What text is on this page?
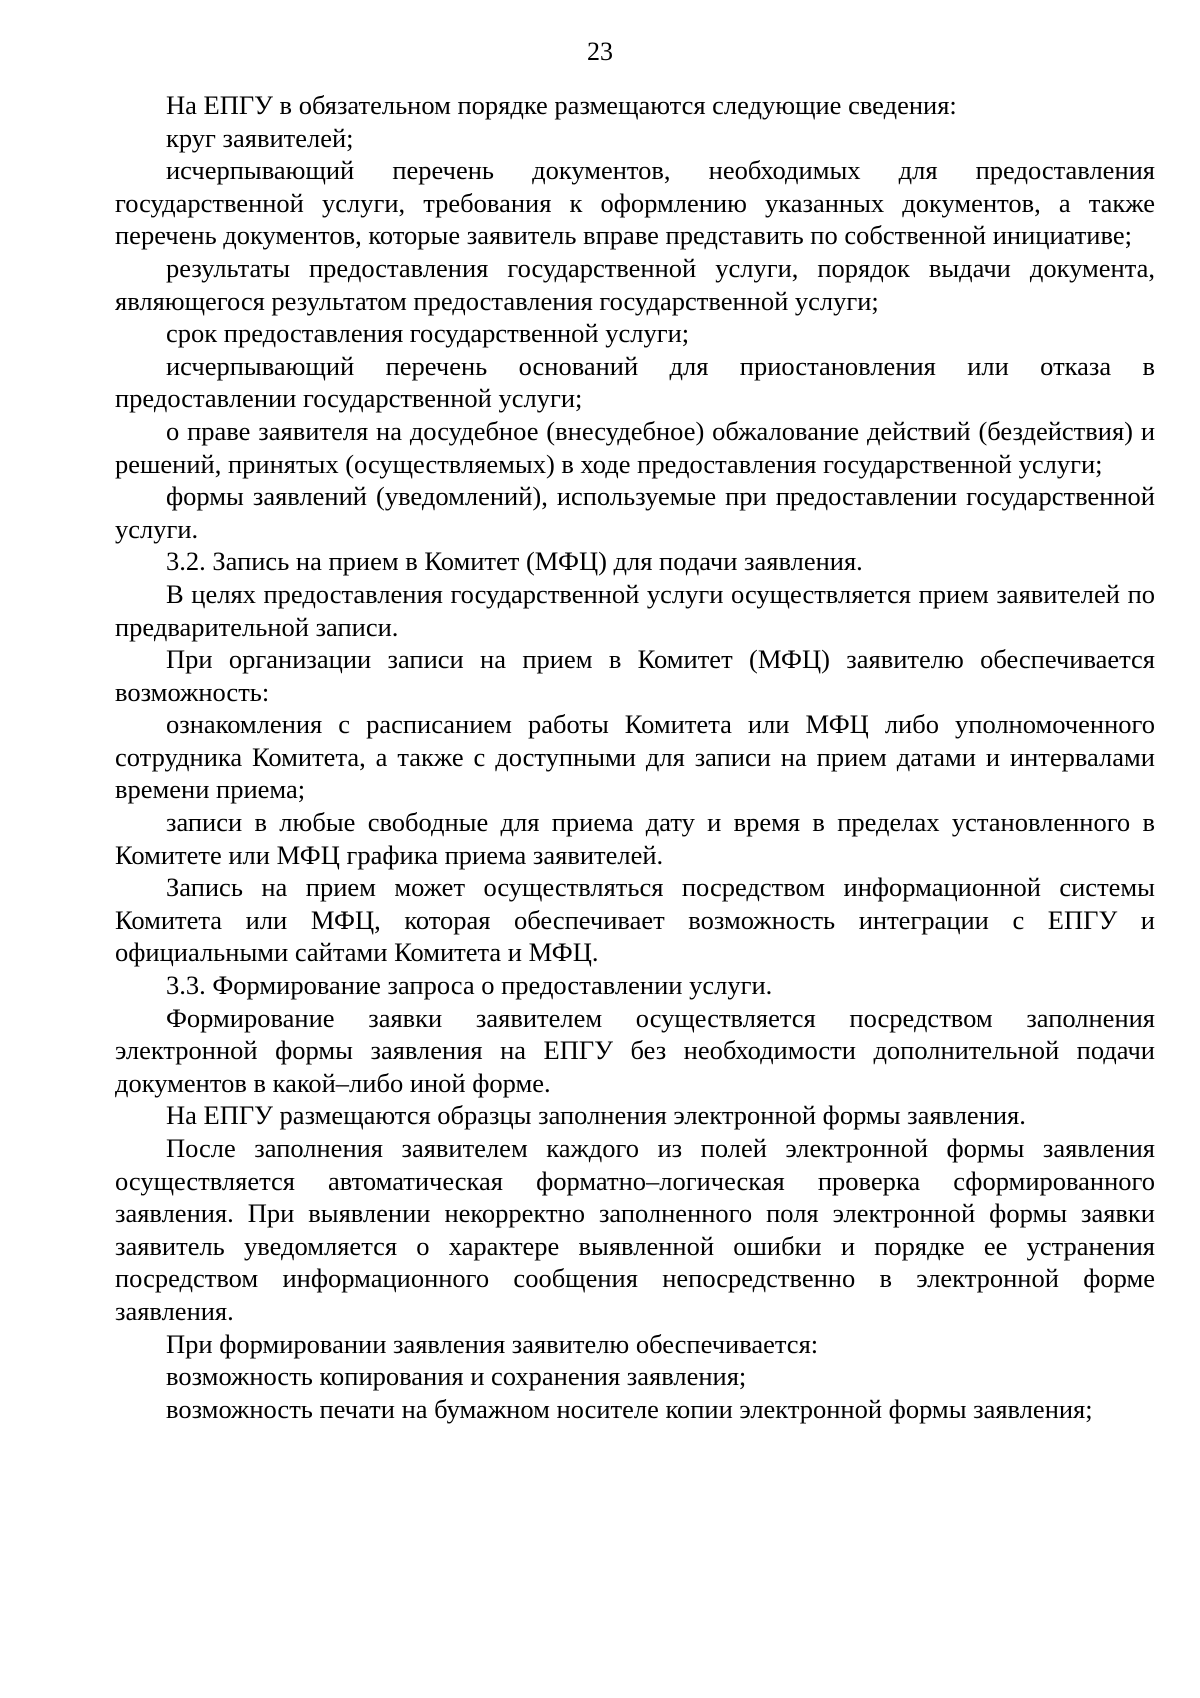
23

На ЕПГУ в обязательном порядке размещаются следующие сведения:

круг заявителей;

исчерпывающий перечень документов, необходимых для предоставления государственной услуги, требования к оформлению указанных документов, а также перечень документов, которые заявитель вправе представить по собственной инициативе;

результаты предоставления государственной услуги, порядок выдачи документа, являющегося результатом предоставления государственной услуги;

срок предоставления государственной услуги;

исчерпывающий перечень оснований для приостановления или отказа в предоставлении государственной услуги;

о праве заявителя на досудебное (внесудебное) обжалование действий (бездействия) и решений, принятых (осуществляемых) в ходе предоставления государственной услуги;

формы заявлений (уведомлений), используемые при предоставлении государственной услуги.

3.2. Запись на прием в Комитет (МФЦ) для подачи заявления.

В целях предоставления государственной услуги осуществляется прием заявителей по предварительной записи.

При организации записи на прием в Комитет (МФЦ) заявителю обеспечивается возможность:

ознакомления с расписанием работы Комитета или МФЦ либо уполномоченного сотрудника Комитета, а также с доступными для записи на прием датами и интервалами времени приема;

записи в любые свободные для приема дату и время в пределах установленного в Комитете или МФЦ графика приема заявителей.

Запись на прием может осуществляться посредством информационной системы Комитета или МФЦ, которая обеспечивает возможность интеграции с ЕПГУ и официальными сайтами Комитета и МФЦ.

3.3. Формирование запроса о предоставлении услуги.

Формирование заявки заявителем осуществляется посредством заполнения электронной формы заявления на ЕПГУ без необходимости дополнительной подачи документов в какой–либо иной форме.

На ЕПГУ размещаются образцы заполнения электронной формы заявления.

После заполнения заявителем каждого из полей электронной формы заявления осуществляется автоматическая форматно–логическая проверка сформированного заявления. При выявлении некорректно заполненного поля электронной формы заявки заявитель уведомляется о характере выявленной ошибки и порядке ее устранения посредством информационного сообщения непосредственно в электронной форме заявления.

При формировании заявления заявителю обеспечивается:

возможность копирования и сохранения заявления;

возможность печати на бумажном носителе копии электронной формы заявления;
